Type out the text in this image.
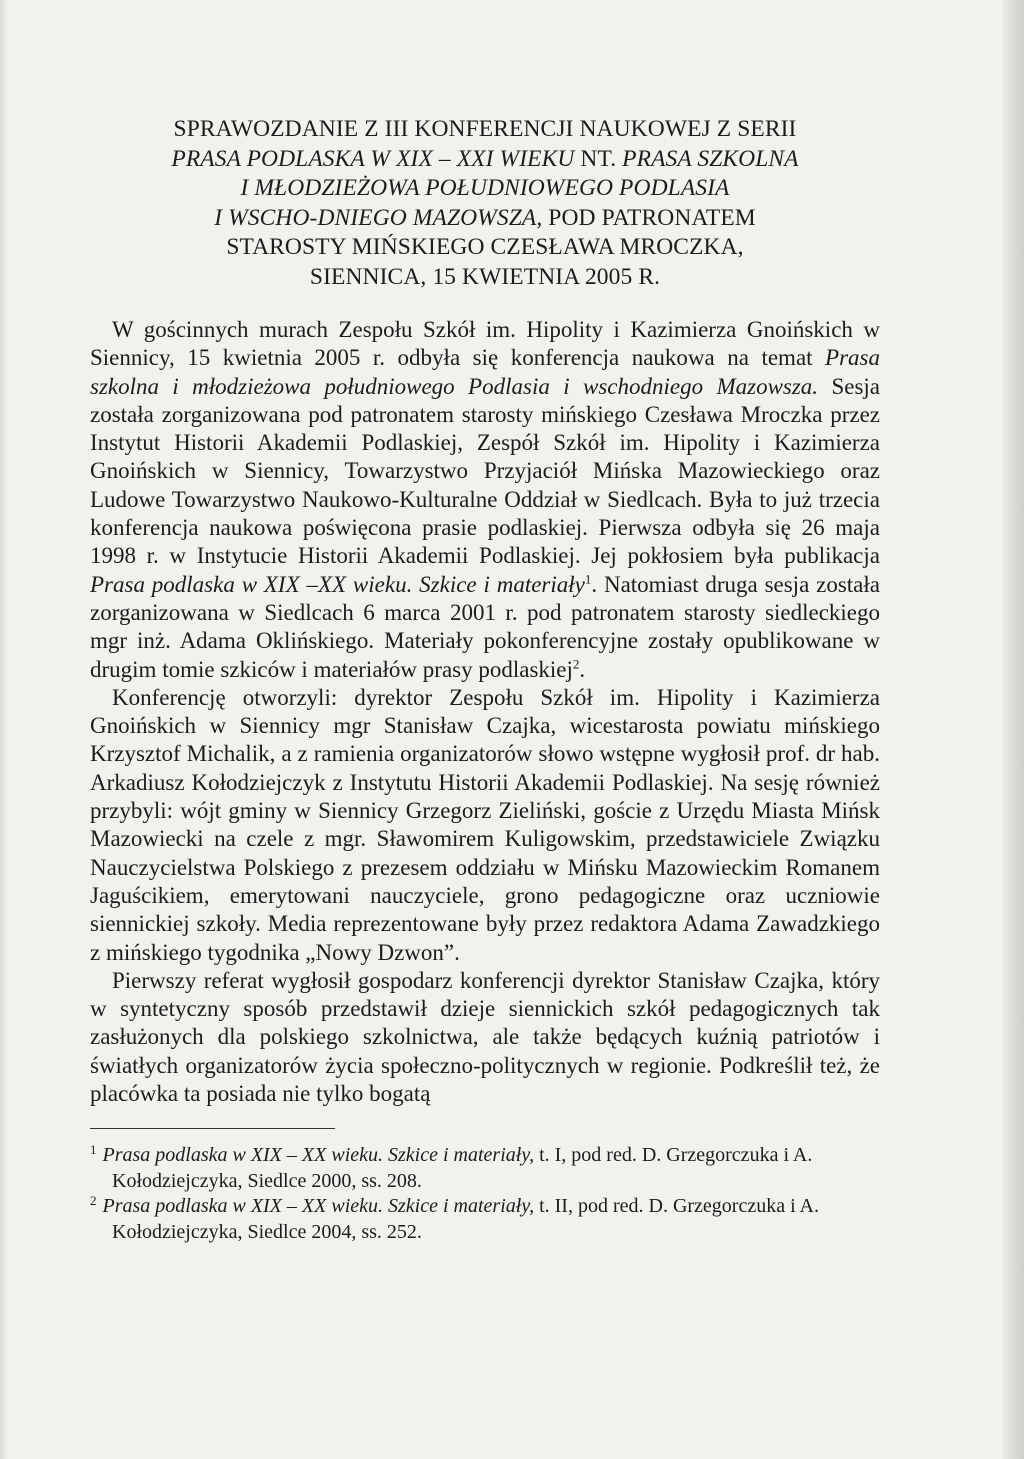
SPRAWOZDANIE Z III KONFERENCJI NAUKOWEJ Z SERII
PRASA PODLASKA W XIX – XXI WIEKU NT. PRASA SZKOLNA
I MŁODZIEŻOWA POŁUDNIOWEGO PODLASIA
I WSCHO-DNIEGO MAZOWSZA, POD PATRONATEM
STAROSTY MIŃSKIEGO CZESŁAWA MROCZKA,
SIENNICA, 15 KWIETNIA 2005 R.

W gościnnych murach Zespołu Szkół im. Hipolity i Kazimierza Gnoińskich w Siennicy, 15 kwietnia 2005 r. odbyła się konferencja naukowa na temat Prasa szkolna i młodzieżowa południowego Podlasia i wschodniego Mazowsza. Sesja została zorganizowana pod patronatem starosty mińskiego Czesława Mroczka przez Instytut Historii Akademii Podlaskiej, Zespół Szkół im. Hipolity i Kazimierza Gnoińskich w Siennicy, Towarzystwo Przyjaciół Mińska Mazowieckiego oraz Ludowe Towarzystwo Naukowo-Kulturalne Oddział w Siedlcach. Była to już trzecia konferencja naukowa poświęcona prasie podlaskiej. Pierwsza odbyła się 26 maja 1998 r. w Instytucie Historii Akademii Podlaskiej. Jej pokłosiem była publikacja Prasa podlaska w XIX –XX wieku. Szkice i materiały$^1$. Natomiast druga sesja została zorganizowana w Siedlcach 6 marca 2001 r. pod patronatem starosty siedleckiego mgr inż. Adama Oklińskiego. Materiały pokonferencyjne zostały opublikowane w drugim tomie szkiców i materiałów prasy podlaskiej$^2$.

Konferencję otworzyli: dyrektor Zespołu Szkół im. Hipolity i Kazimierza Gnoińskich w Siennicy mgr Stanisław Czajka, wicestarosta powiatu mińskiego Krzysztof Michalik, a z ramienia organizatorów słowo wstępne wygłosił prof. dr hab. Arkadiusz Kołodziejczyk z Instytutu Historii Akademii Podlaskiej. Na sesję również przybyli: wójt gminy w Siennicy Grzegorz Zieliński, goście z Urzędu Miasta Mińsk Mazowiecki na czele z mgr. Sławomirem Kuligowskim, przedstawiciele Związku Nauczycielstwa Polskiego z prezesem oddziału w Mińsku Mazowieckim Romanem Jaguścikiem, emerytowani nauczyciele, grono pedagogiczne oraz uczniowie siennickiej szkoły. Media reprezentowane były przez redaktora Adama Zawadzkiego z mińskiego tygodnika „Nowy Dzwon”.

Pierwszy referat wygłosił gospodarz konferencji dyrektor Stanisław Czajka, który w syntetyczny sposób przedstawił dzieje siennickich szkół pedagogicznych tak zasłużonych dla polskiego szkolnictwa, ale także będących kuźnią patriotów i światłych organizatorów życia społeczno-politycznych w regionie. Podkreślił też, że placówka ta posiada nie tylko bogatą

$^1$ Prasa podlaska w XIX – XX wieku. Szkice i materiały, t. I, pod red. D. Grzegorczuka i A. Kołodziejczyka, Siedlce 2000, ss. 208.

$^2$ Prasa podlaska w XIX – XX wieku. Szkice i materiały, t. II, pod red. D. Grzegorczuka i A. Kołodziejczyka, Siedlce 2004, ss. 252.
